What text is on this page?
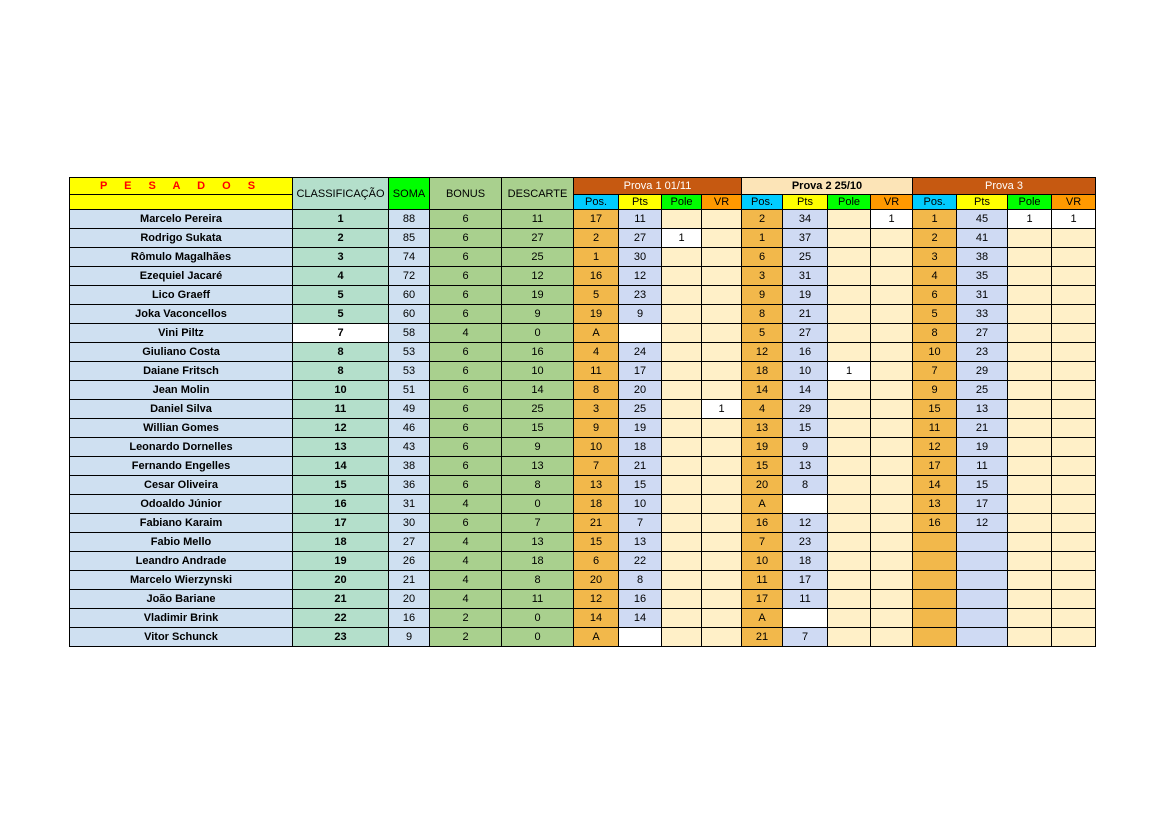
P E S A D O S	CLASSIFICAÇÃO	SOMA	BONUS	DESCARTE	Prova 1 01/11				Prova 2 25/10				Prova 3			
					Pos.	Pts	Pole	VR	Pos.	Pts	Pole	VR	Pos.	Pts	Pole	VR
Marcelo Pereira	1	88	6	11	17	11			2	34		1	1	45	1	1
Rodrigo Sukata	2	85	6	27	2	27	1		1	37			2	41		
Rômulo Magalhães	3	74	6	25	1	30			6	25			3	38		
Ezequiel Jacaré	4	72	6	12	16	12			3	31			4	35		
Lico Graeff	5	60	6	19	5	23			9	19			6	31		
Joka Vaconcellos	5	60	6	9	19	9			8	21			5	33		
Vini Piltz	7	58	4	0	A				5	27			8	27		
Giuliano Costa	8	53	6	16	4	24			12	16			10	23		
Daiane Fritsch	8	53	6	10	11	17			18	10	1		7	29		
Jean Molin	10	51	6	14	8	20			14	14			9	25		
Daniel Silva	11	49	6	25	3	25		1	4	29			15	13		
Willian Gomes	12	46	6	15	9	19			13	15			11	21		
Leonardo Dornelles	13	43	6	9	10	18			19	9			12	19		
Fernando Engelles	14	38	6	13	7	21			15	13			17	11		
Cesar Oliveira	15	36	6	8	13	15			20	8			14	15		
Odoaldo Júnior	16	31	4	0	18	10			A				13	17		
Fabiano Karaim	17	30	6	7	21	7			16	12			16	12		
Fabio Mello	18	27	4	13	15	13			7	23						
Leandro Andrade	19	26	4	18	6	22			10	18						
Marcelo Wierzynski	20	21	4	8	20	8			11	17						
João Bariane	21	20	4	11	12	16			17	11						
Vladimir Brink	22	16	2	0	14	14			A							
Vitor Schunck	23	9	2	0	A				21	7						
